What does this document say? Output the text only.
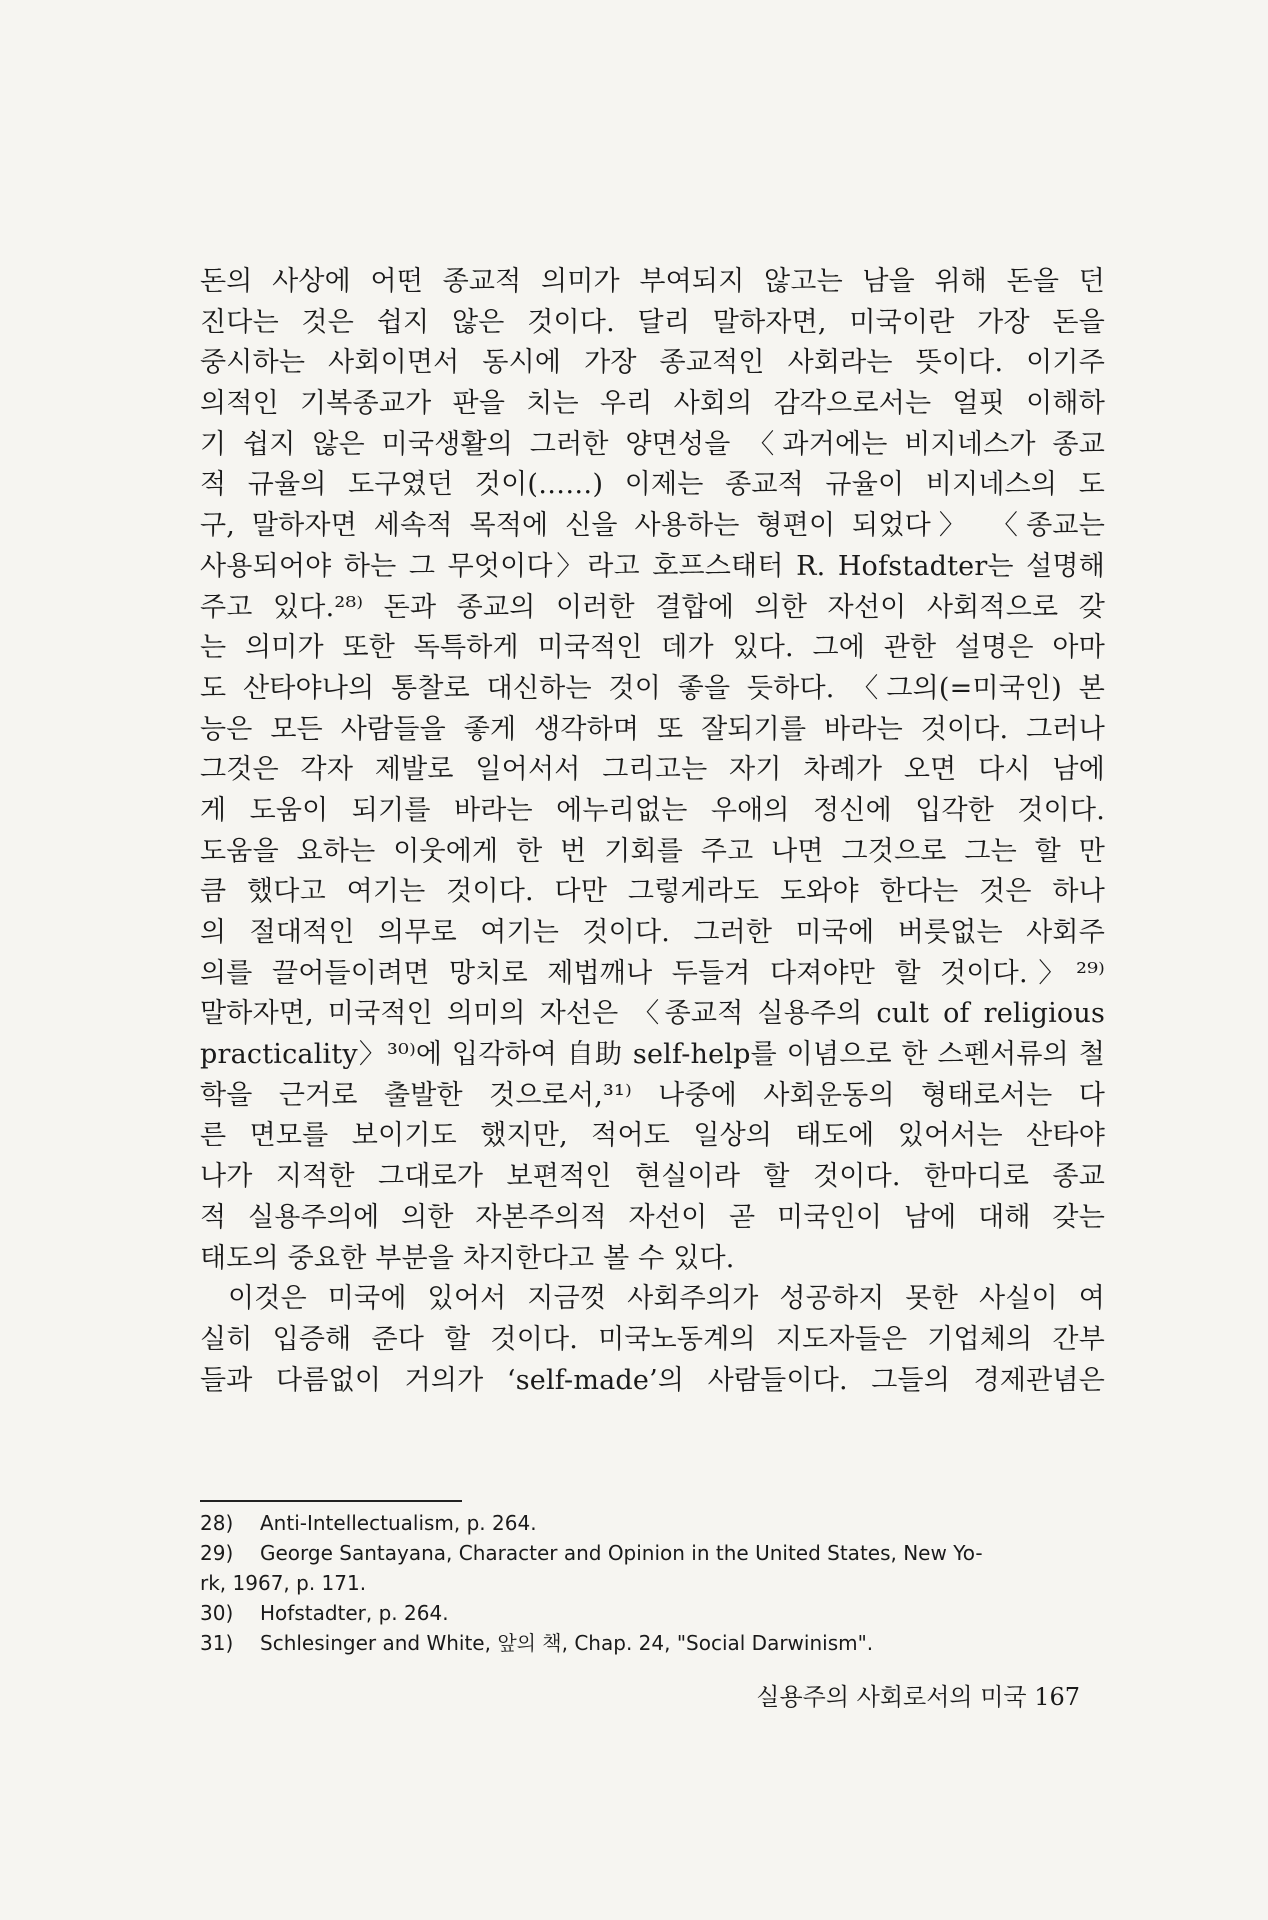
돈의 사상에 어떤 종교적 의미가 부여되지 않고는 남을 위해 돈을 던
진다는 것은 쉽지 않은 것이다. 달리 말하자면, 미국이란 가장 돈을
중시하는 사회이면서 동시에 가장 종교적인 사회라는 뜻이다. 이기주
의적인 기복종교가 판을 치는 우리 사회의 감각으로서는 얼핏 이해하
기 쉽지 않은 미국생활의 그러한 양면성을 〈과거에는 비지네스가 종교
적 규율의 도구였던 것이(……) 이제는 종교적 규율이 비지네스의 도
구, 말하자면 세속적 목적에 신을 사용하는 형편이 되었다〉 〈종교는
사용되어야 하는 그 무엇이다〉라고 호프스태터 R. Hofstadter는 설명해
주고 있다.²⁸⁾ 돈과 종교의 이러한 결합에 의한 자선이 사회적으로 갖
는 의미가 또한 독특하게 미국적인 데가 있다. 그에 관한 설명은 아마
도 산타야나의 통찰로 대신하는 것이 좋을 듯하다. 〈그의(=미국인) 본
능은 모든 사람들을 좋게 생각하며 또 잘되기를 바라는 것이다. 그러나
그것은 각자 제발로 일어서서 그리고는 자기 차례가 오면 다시 남에
게 도움이 되기를 바라는 에누리없는 우애의 정신에 입각한 것이다.
도움을 요하는 이웃에게 한 번 기회를 주고 나면 그것으로 그는 할 만
큼 했다고 여기는 것이다. 다만 그렇게라도 도와야 한다는 것은 하나
의 절대적인 의무로 여기는 것이다. 그러한 미국에 버릇없는 사회주
의를 끌어들이려면 망치로 제법깨나 두들겨 다져야만 할 것이다.〉²⁹⁾
말하자면, 미국적인 의미의 자선은 〈종교적 실용주의 cult of religious
practicality〉³⁰⁾에 입각하여 自助 self-help를 이념으로 한 스펜서류의 철
학을 근거로 출발한 것으로서,³¹⁾ 나중에 사회운동의 형태로서는 다
른 면모를 보이기도 했지만, 적어도 일상의 태도에 있어서는 산타야
나가 지적한 그대로가 보편적인 현실이라 할 것이다. 한마디로 종교
적 실용주의에 의한 자본주의적 자선이 곧 미국인이 남에 대해 갖는
태도의 중요한 부분을 차지한다고 볼 수 있다.
이것은 미국에 있어서 지금껏 사회주의가 성공하지 못한 사실이 여
실히 입증해 준다 할 것이다. 미국노동계의 지도자들은 기업체의 간부
들과 다름없이 거의가 ‘self-made’의 사람들이다. 그들의 경제관념은
28)	Anti-Intellectualism, p. 264.
29)	George Santayana, Character and Opinion in the United States, New Yo-
rk, 1967, p. 171.
30)	Hofstadter, p. 264.
31)	Schlesinger and White, 앞의 책, Chap. 24, "Social Darwinism".
실용주의 사회로서의 미국 167
